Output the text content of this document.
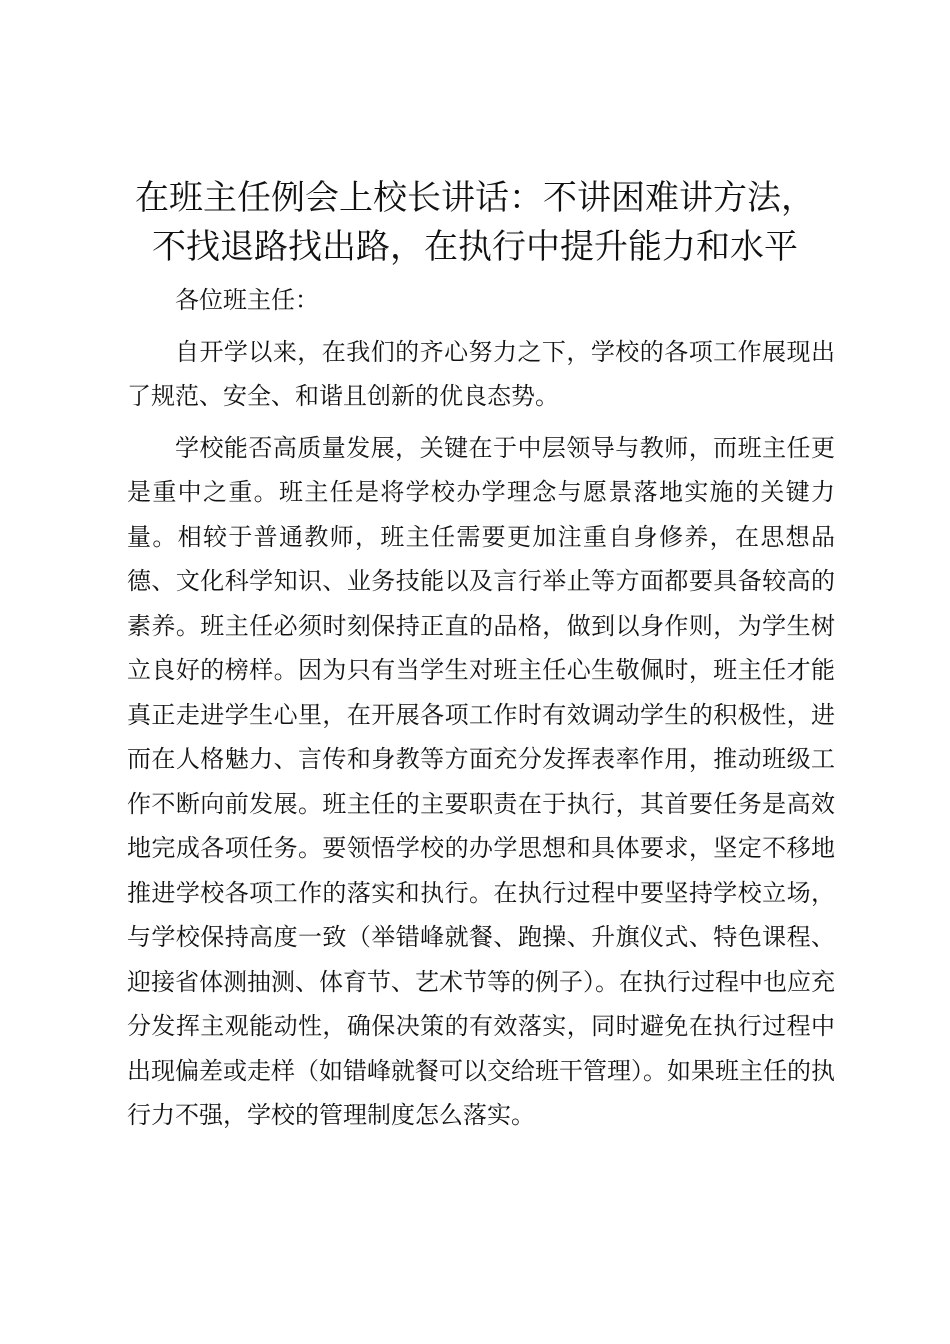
在班主任例会上校长讲话：不讲困难讲方法，
不找退路找出路，在执行中提升能力和水平

各位班主任：

自开学以来，在我们的齐心努力之下，学校的各项工作展现出了规范、安全、和谐且创新的优良态势。

学校能否高质量发展，关键在于中层领导与教师，而班主任更是重中之重。班主任是将学校办学理念与愿景落地实施的关键力量。相较于普通教师，班主任需要更加注重自身修养，在思想品德、文化科学知识、业务技能以及言行举止等方面都要具备较高的素养。班主任必须时刻保持正直的品格，做到以身作则，为学生树立良好的榜样。因为只有当学生对班主任心生敬佩时，班主任才能真正走进学生心里，在开展各项工作时有效调动学生的积极性，进而在人格魅力、言传和身教等方面充分发挥表率作用，推动班级工作不断向前发展。班主任的主要职责在于执行，其首要任务是高效地完成各项任务。要领悟学校的办学思想和具体要求，坚定不移地推进学校各项工作的落实和执行。在执行过程中要坚持学校立场，与学校保持高度一致（举错峰就餐、跑操、升旗仪式、特色课程、迎接省体测抽测、体育节、艺术节等的例子）。在执行过程中也应充分发挥主观能动性，确保决策的有效落实，同时避免在执行过程中出现偏差或走样（如错峰就餐可以交给班干管理）。如果班主任的执行力不强，学校的管理制度怎么落实。
